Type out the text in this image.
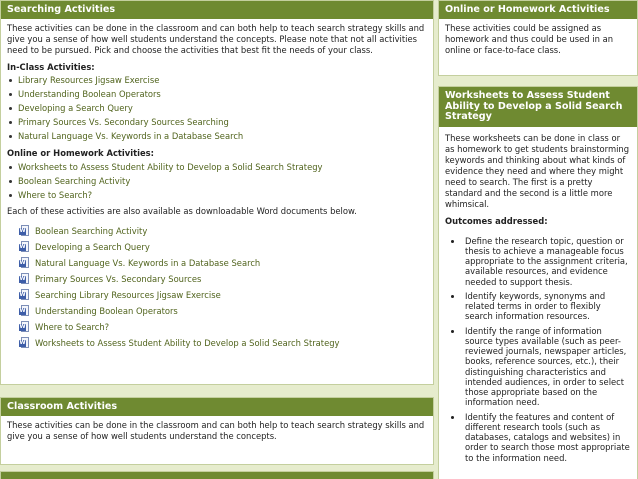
Searching Activities

These activities can be done in the classroom and can both help to teach search strategy skills and give you a sense of how well students understand the concepts. Please note that not all activities need to be pursued. Pick and choose the activities that best fit the needs of your class.

In-Class Activities:
Library Resources Jigsaw Exercise
Understanding Boolean Operators
Developing a Search Query
Primary Sources Vs. Secondary Sources Searching
Natural Language Vs. Keywords in a Database Search
Online or Homework Activities:
Worksheets to Assess Student Ability to Develop a Solid Search Strategy
Boolean Searching Activity
Where to Search?

Each of these activities are also available as downloadable Word documents below.

W Boolean Searching Activity
W Developing a Search Query
W Natural Language Vs. Keywords in a Database Search
W Primary Sources Vs. Secondary Sources
W Searching Library Resources Jigsaw Exercise
W Understanding Boolean Operators
W Where to Search?
W Worksheets to Assess Student Ability to Develop a Solid Search Strategy
Classroom Activities

These activities can be done in the classroom and can both help to teach search strategy skills and give you a sense of how well students understand the concepts.

Online or Homework Activities

These activities could be assigned as homework and thus could be used in an online or face-to-face class.

Worksheets to Assess Student Ability to Develop a Solid Search Strategy

These worksheets can be done in class or as homework to get students brainstorming keywords and thinking about what kinds of evidence they need and where they might need to search. The first is a pretty standard and the second is a little more whimsical.

Outcomes addressed:
Define the research topic, question or thesis to achieve a manageable focus appropriate to the assignment criteria, available resources, and evidence needed to support thesis.
Identify keywords, synonyms and related terms in order to flexibly search information resources.
Identify the range of information source types available (such as peer-reviewed journals, newspaper articles, books, reference sources, etc.), their distinguishing characteristics and intended audiences, in order to select those appropriate based on the information need.
Identify the features and content of different research tools (such as databases, catalogs and websites) in order to search those most appropriate to the information need.
